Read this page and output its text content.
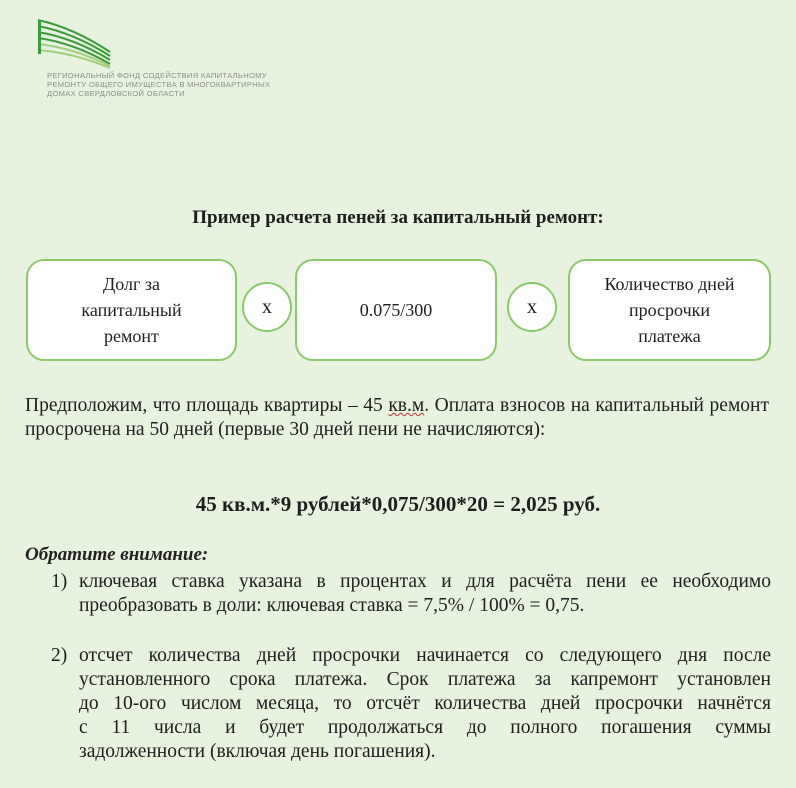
РЕГИОНАЛЬНЫЙ ФОНД СОДЕЙСТВИЯ КАПИТАЛЬНОМУ
РЕМОНТУ ОБЩЕГО ИМУЩЕСТВА В МНОГОКВАРТИРНЫХ
ДОМАХ СВЕРДЛОВСКОЙ ОБЛАСТИ
Пример расчета пеней за капитальный ремонт:
Долг за
капитальный
ремонт
х	0.075/300	х
Количество дней
просрочки
платежа
Предположим, что площадь квартиры – 45 кв.м. Оплата взносов на капитальный ремонт просрочена на 50 дней (первые 30 дней пени не начисляются):
45 кв.м.*9 рублей*0,075/300*20 = 2,025 руб.
Обратите внимание:
1) ключевая ставка указана в процентах и для расчёта пени ее необходимо
преобразовать в доли: ключевая ставка = 7,5% / 100% = 0,75.
2) отсчет количества дней просрочки начинается со следующего дня после
установленного срока платежа. Срок платежа за капремонт установлен
до 10-ого числом месяца, то отсчёт количества дней просрочки начнётся
с 11 числа и будет продолжаться до полного погашения суммы
задолженности (включая день погашения).
